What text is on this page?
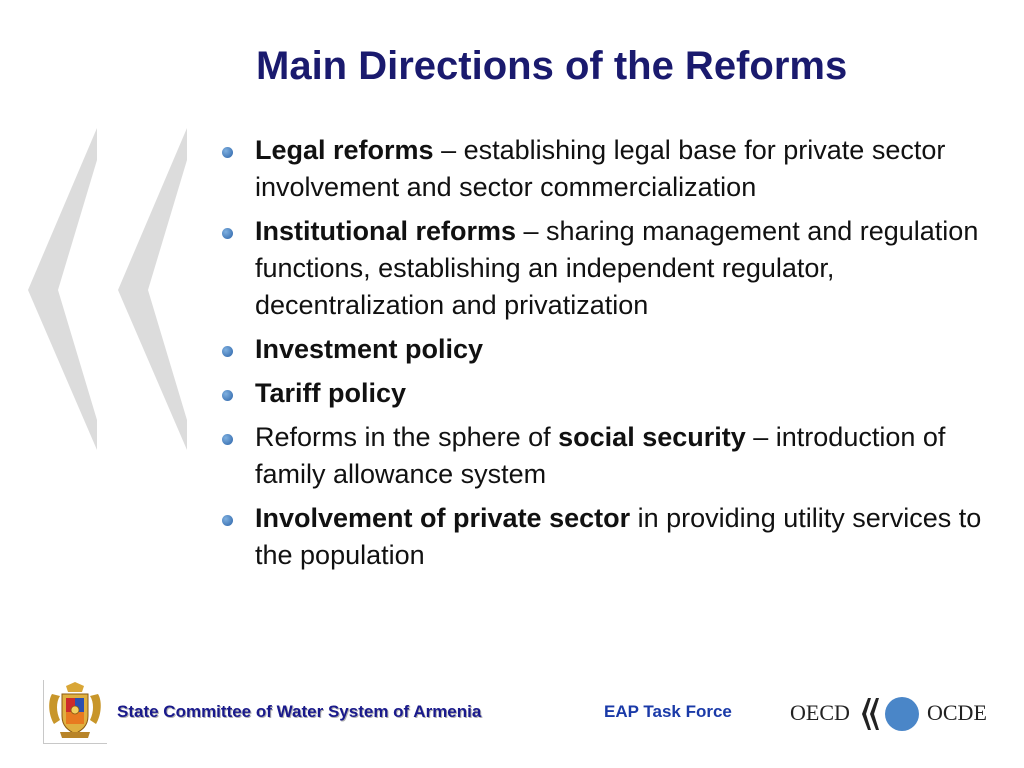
Main Directions of the Reforms
Legal reforms – establishing legal base for private sector involvement and sector commercialization
Institutional reforms – sharing management and regulation functions, establishing an independent regulator, decentralization and privatization
Investment policy
Tariff policy
Reforms in the sphere of social security – introduction of family allowance system
Involvement of private sector in providing utility services to the population
State Committee of Water System of Armenia	EAP Task Force	OECD	OCDE
